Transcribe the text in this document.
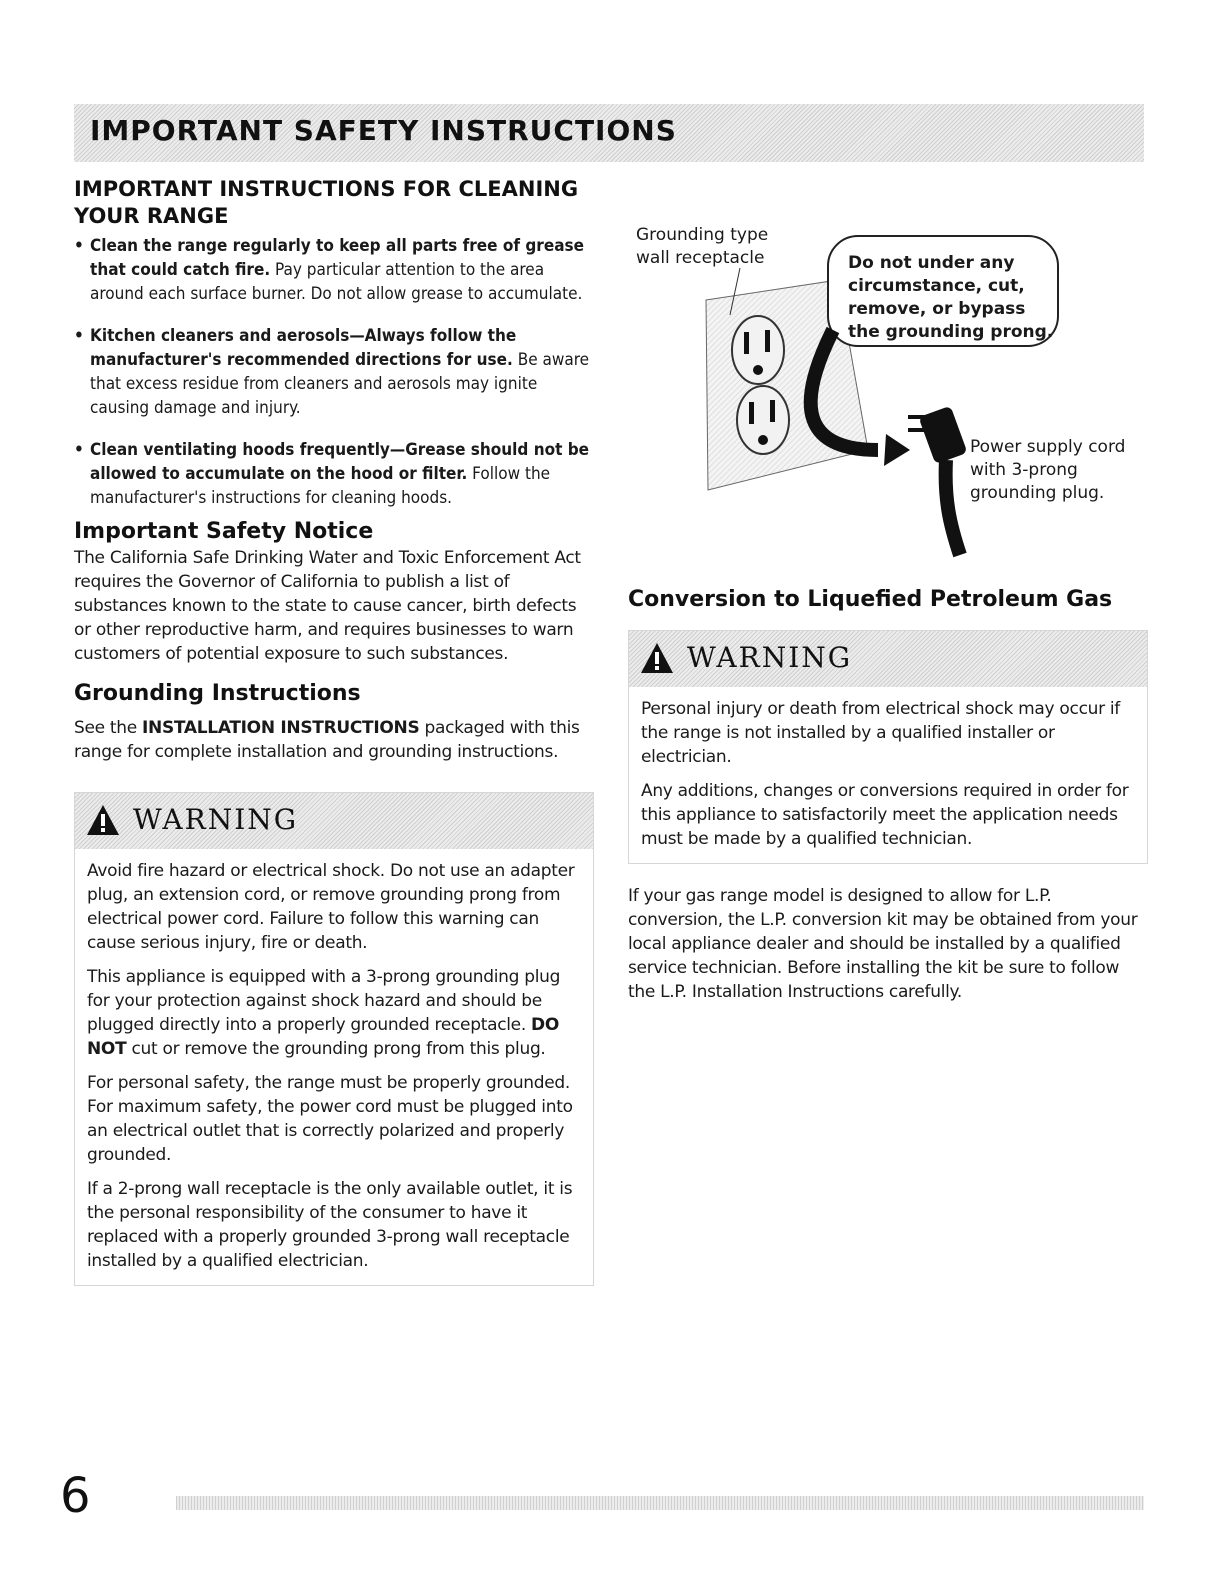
IMPORTANT SAFETY INSTRUCTIONS
IMPORTANT INSTRUCTIONS FOR CLEANING
YOUR RANGE
• Clean the range regularly to keep all parts free of grease that could catch fire. Pay particular attention to the area around each surface burner. Do not allow grease to accumulate.
• Kitchen cleaners and aerosols—Always follow the manufacturer's recommended directions for use. Be aware that excess residue from cleaners and aerosols may ignite causing damage and injury.
• Clean ventilating hoods frequently—Grease should not be allowed to accumulate on the hood or filter. Follow the manufacturer's instructions for cleaning hoods.
Important Safety Notice

The California Safe Drinking Water and Toxic Enforcement Act requires the Governor of California to publish a list of substances known to the state to cause cancer, birth defects or other reproductive harm, and requires businesses to warn customers of potential exposure to such substances.

Grounding Instructions

See the INSTALLATION INSTRUCTIONS packaged with this range for complete installation and grounding instructions.

WARNING

Avoid fire hazard or electrical shock. Do not use an adapter plug, an extension cord, or remove grounding prong from electrical power cord. Failure to follow this warning can cause serious injury, fire or death.

This appliance is equipped with a 3-prong grounding plug for your protection against shock hazard and should be plugged directly into a properly grounded receptacle. DO NOT cut or remove the grounding prong from this plug.

For personal safety, the range must be properly grounded. For maximum safety, the power cord must be plugged into an electrical outlet that is correctly polarized and properly grounded.

If a 2-prong wall receptacle is the only available outlet, it is the personal responsibility of the consumer to have it replaced with a properly grounded 3-prong wall receptacle installed by a qualified electrician.

Grounding type
wall receptacle	Do not under any
circumstance, cut,
remove, or bypass
the grounding prong.
Power supply cord
with 3-prong
grounding plug.
Conversion to Liquefied Petroleum Gas
WARNING

Personal injury or death from electrical shock may occur if the range is not installed by a qualified installer or electrician.

Any additions, changes or conversions required in order for this appliance to satisfactorily meet the application needs must be made by a qualified technician.

If your gas range model is designed to allow for L.P. conversion, the L.P. conversion kit may be obtained from your local appliance dealer and should be installed by a qualified service technician. Before installing the kit be sure to follow the L.P. Installation Instructions carefully.

6
